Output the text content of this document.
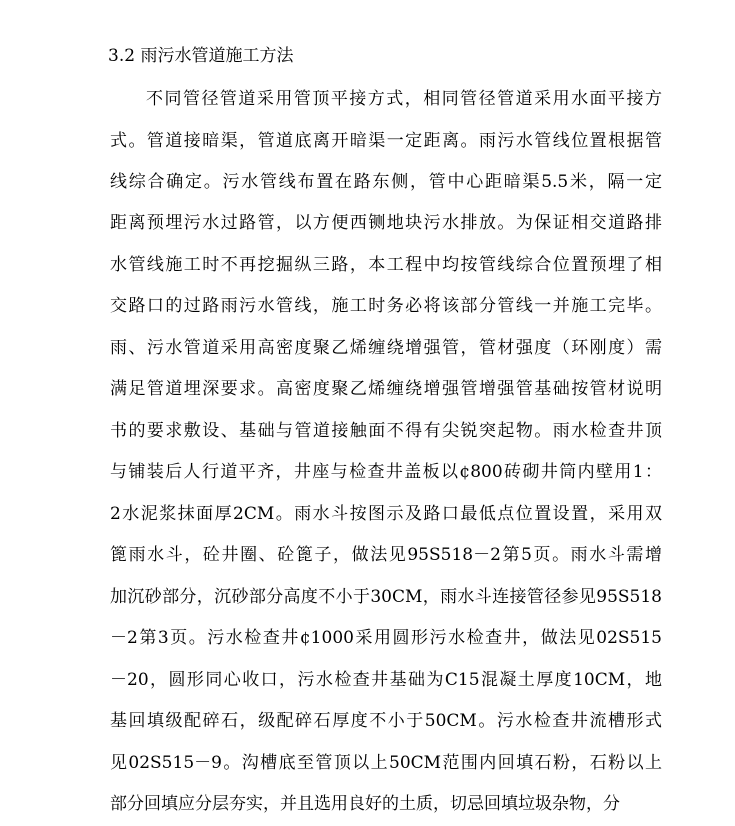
3.2 雨污水管道施工方法
不同管径管道采用管顶平接方式，相同管径管道采用水面平接方
式。管道接暗渠，管道底离开暗渠一定距离。雨污水管线位置根据管
线综合确定。污水管线布置在路东侧，管中心距暗渠5.5米，隔一定
距离预埋污水过路管，以方便西铡地块污水排放。为保证相交道路排
水管线施工时不再挖掘纵三路，本工程中均按管线综合位置预埋了相
交路口的过路雨污水管线，施工时务必将该部分管线一并施工完毕。
雨、污水管道采用高密度聚乙烯缠绕增强管，管材强度（环刚度）需
满足管道埋深要求。高密度聚乙烯缠绕增强管增强管基础按管材说明
书的要求敷设、基础与管道接触面不得有尖锐突起物。雨水检查井顶
与铺装后人行道平齐，井座与检查井盖板以¢800砖砌井筒内壁用1：
2水泥浆抹面厚2CM。雨水斗按图示及路口最低点位置设置，采用双
篦雨水斗，砼井圈、砼篦子，做法见95S518－2第5页。雨水斗需增
加沉砂部分，沉砂部分高度不小于30CM，雨水斗连接管径参见95S518
－2第3页。污水检查井¢1000采用圆形污水检查井，做法见02S515
－20，圆形同心收口，污水检查井基础为C15混凝土厚度10CM，地
基回填级配碎石，级配碎石厚度不小于50CM。污水检查井流槽形式
见02S515－9。沟槽底至管顶以上50CM范围内回填石粉，石粉以上
部分回填应分层夯实，并且选用良好的土质，切忌回填垃圾杂物，分
